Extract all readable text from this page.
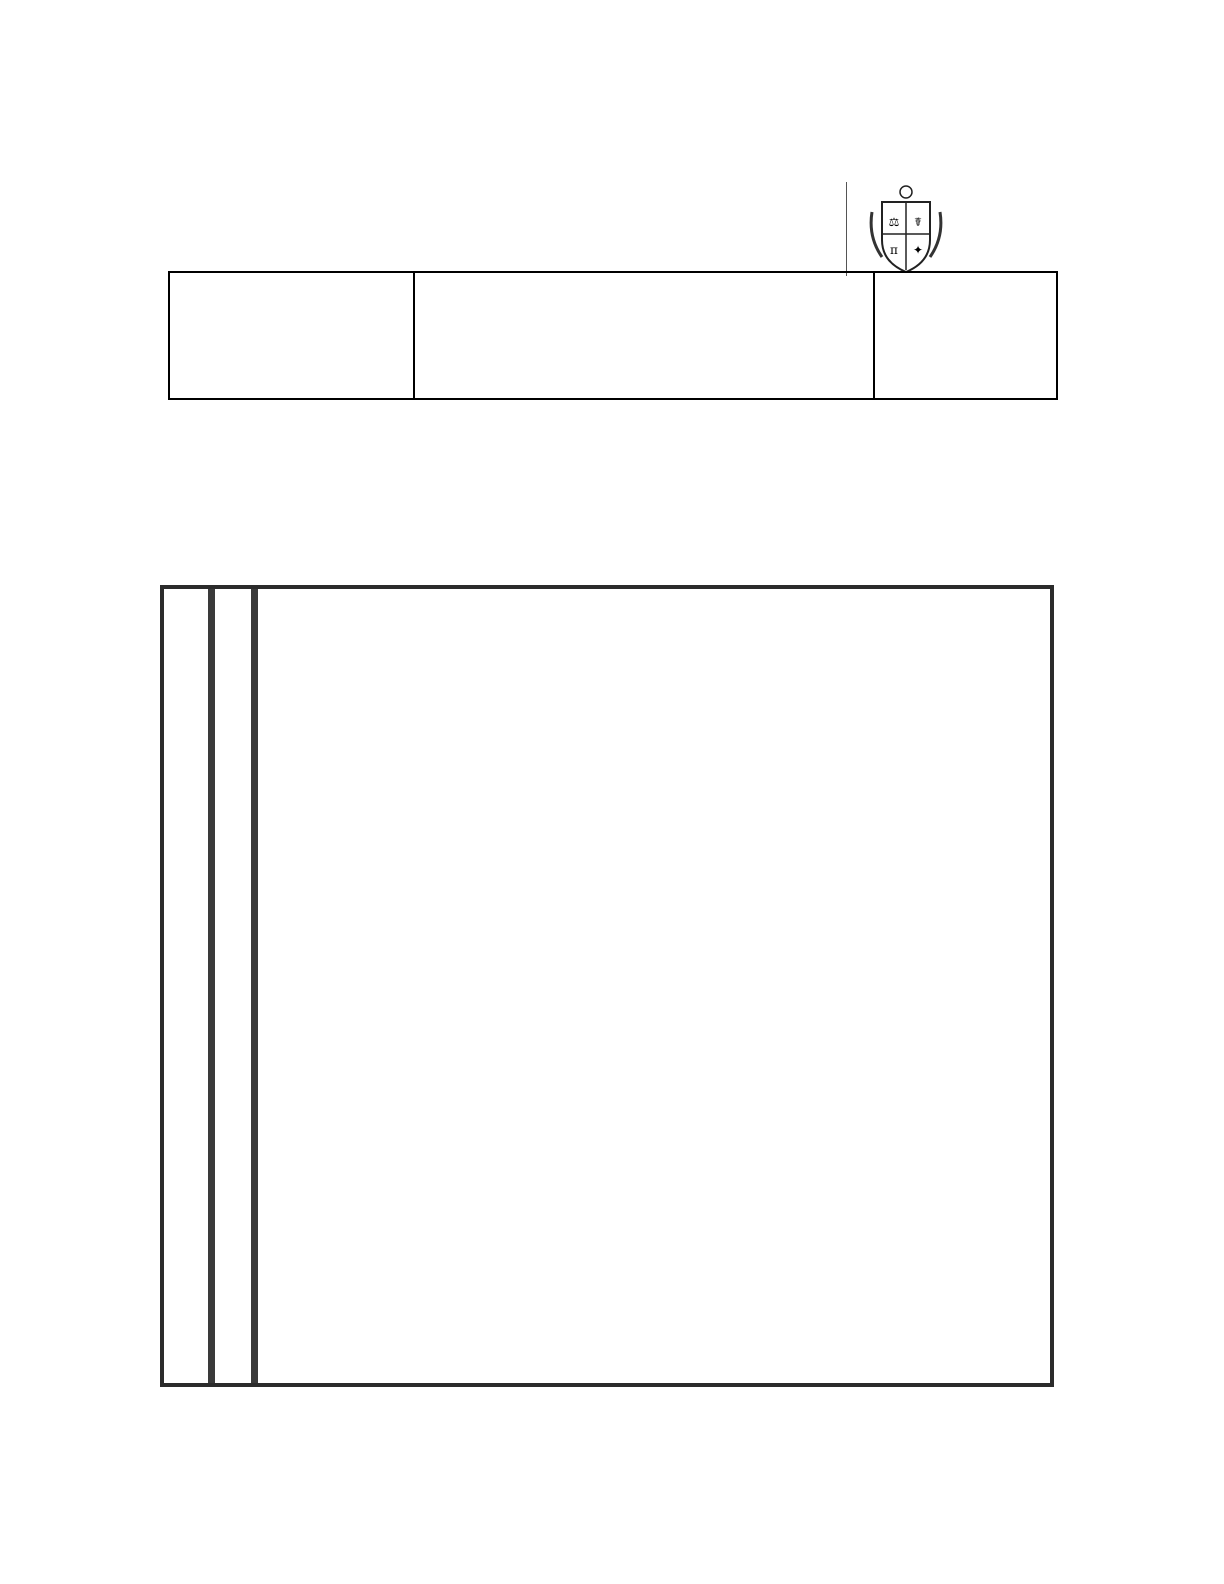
⚖ ☤
π ✦
